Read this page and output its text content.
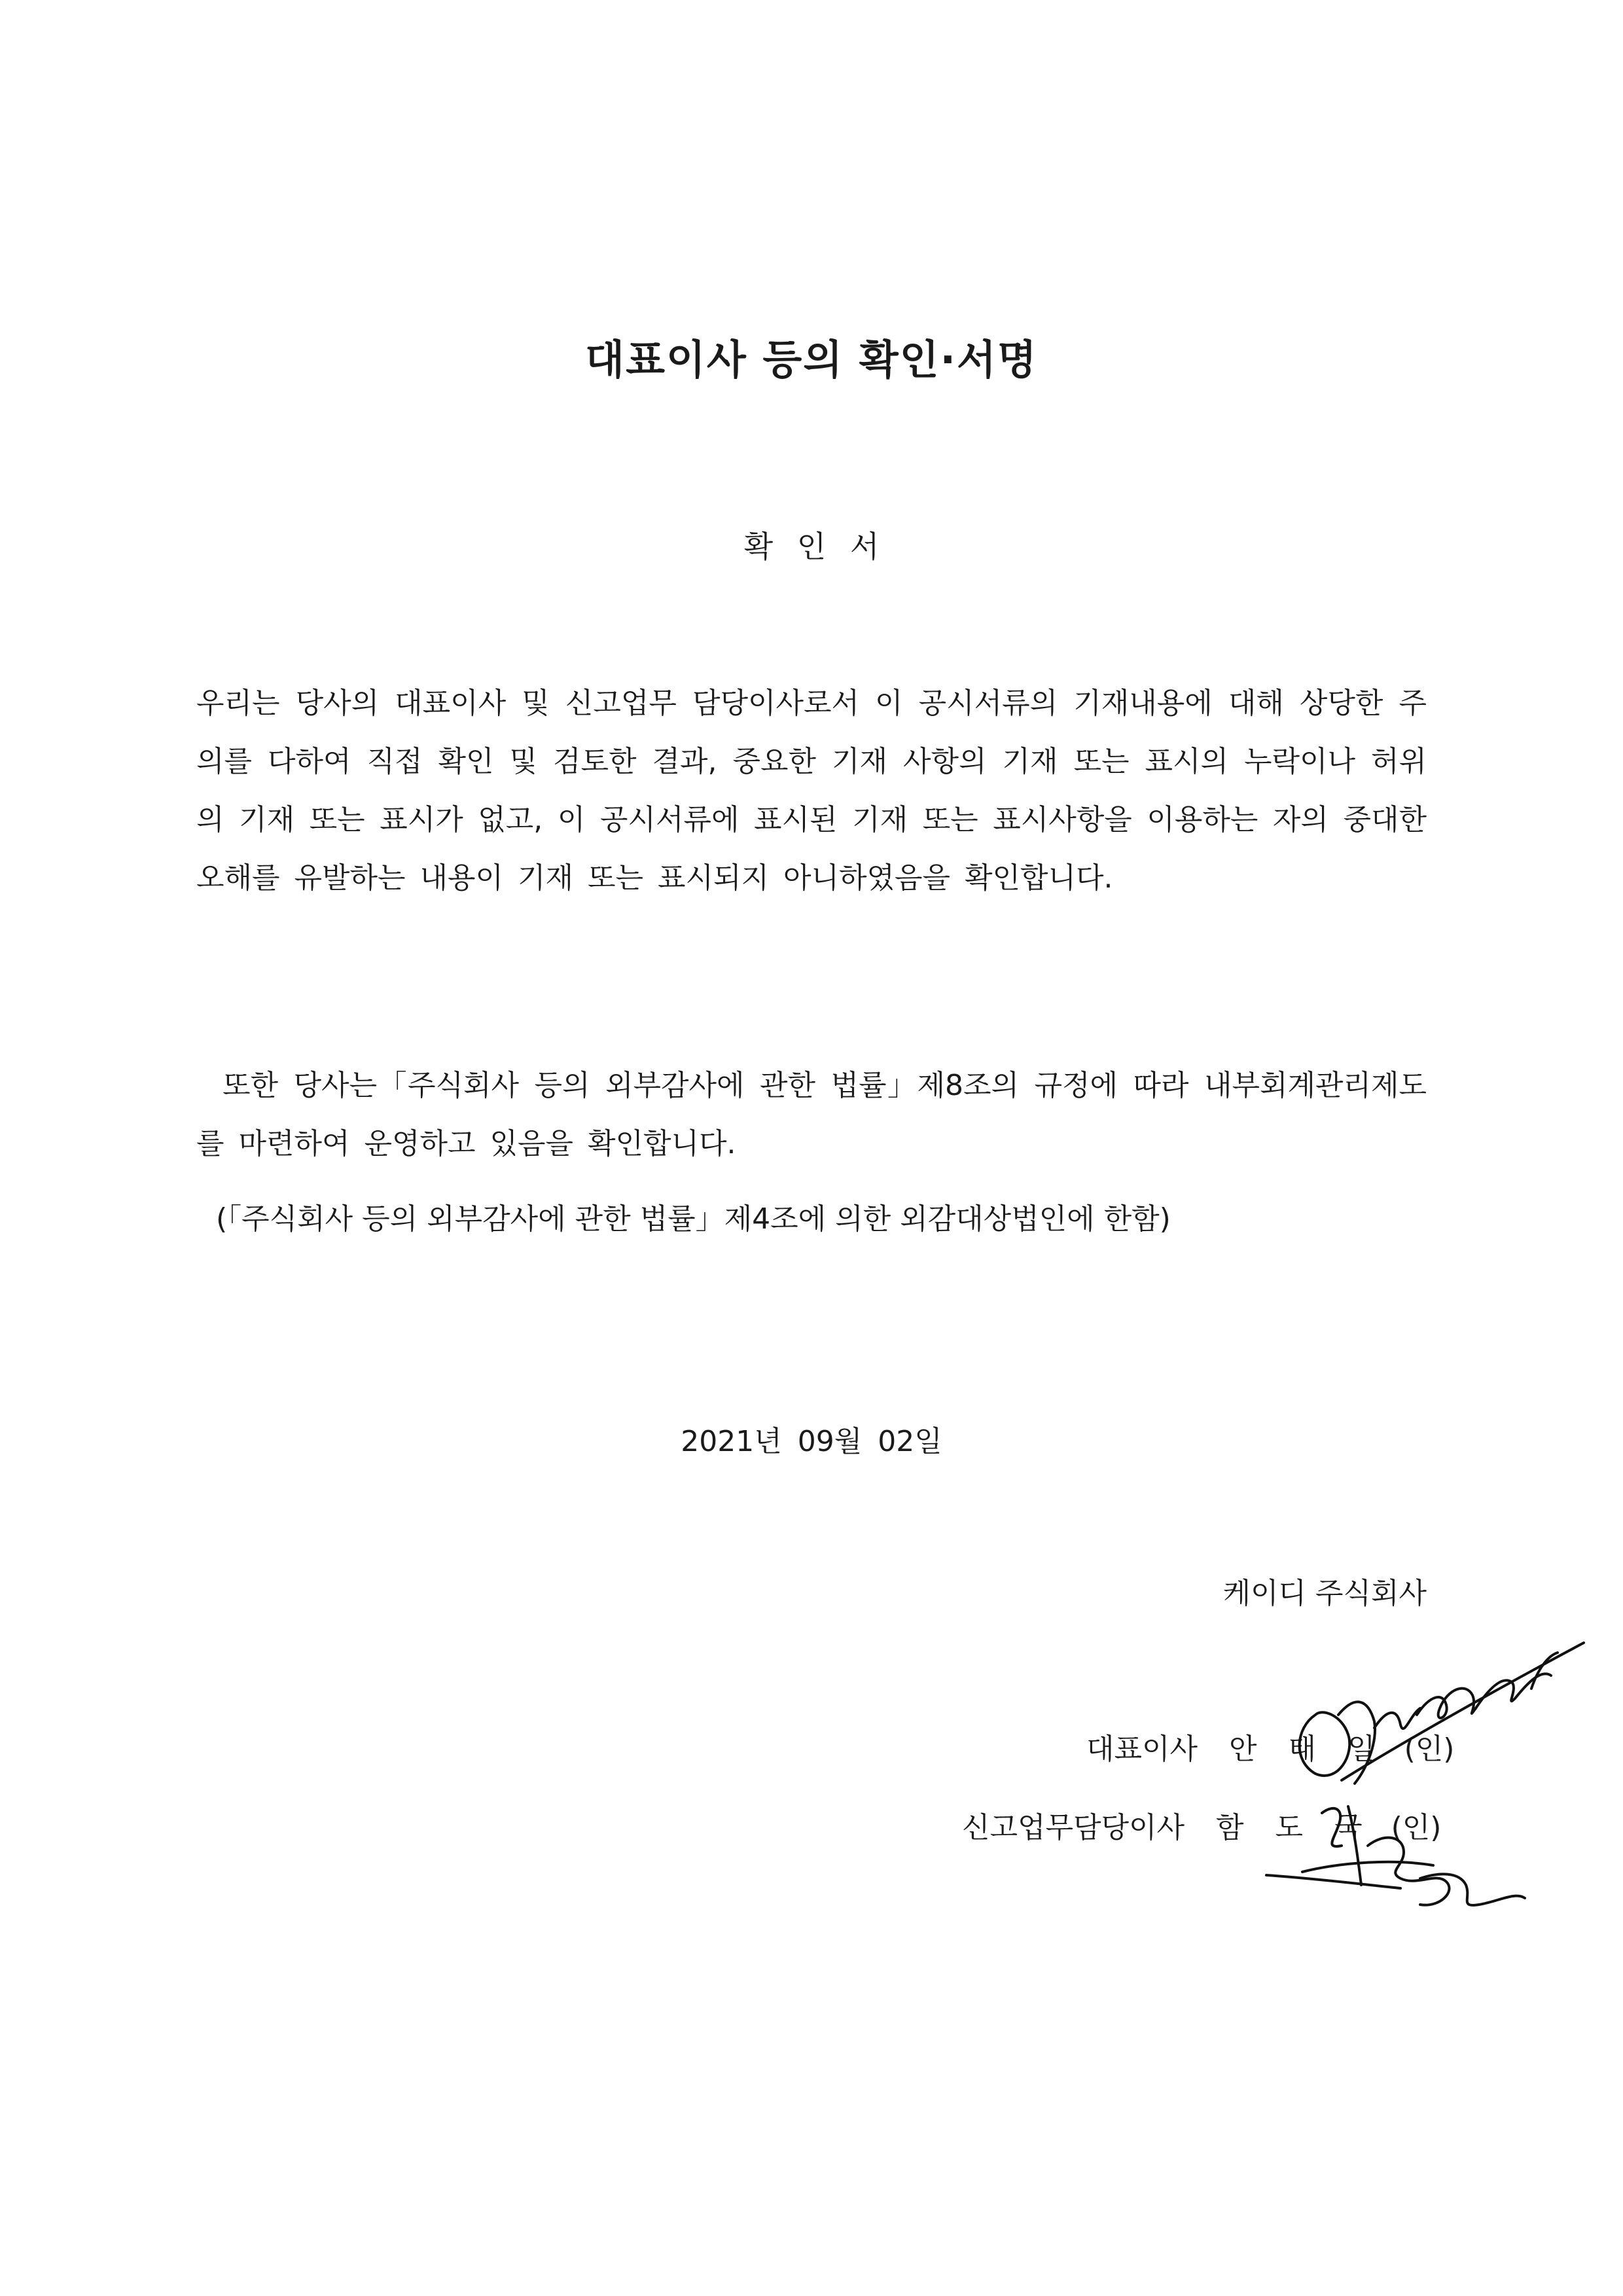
대표이사 등의 확인·서명
확 인 서
우리는 당사의 대표이사 및 신고업무 담당이사로서 이 공시서류의 기재내용에 대해 상당한 주의를 다하여 직접 확인 및 검토한 결과, 중요한 기재 사항의 기재 또는 표시의 누락이나 허위의 기재 또는 표시가 없고, 이 공시서류에 표시된 기재 또는 표시사항을 이용하는 자의 중대한 오해를 유발하는 내용이 기재 또는 표시되지 아니하였음을 확인합니다.
또한 당사는「주식회사 등의 외부감사에 관한 법률」제8조의 규정에 따라 내부회계관리제도를 마련하여 운영하고 있음을 확인합니다.
(「주식회사 등의 외부감사에 관한 법률」제4조에 의한 외감대상법인에 한함)
2021년 09월 02일
케이디 주식회사
대표이사 안 태 일 (인)
신고업무담당이사 함 도 국 (인)
